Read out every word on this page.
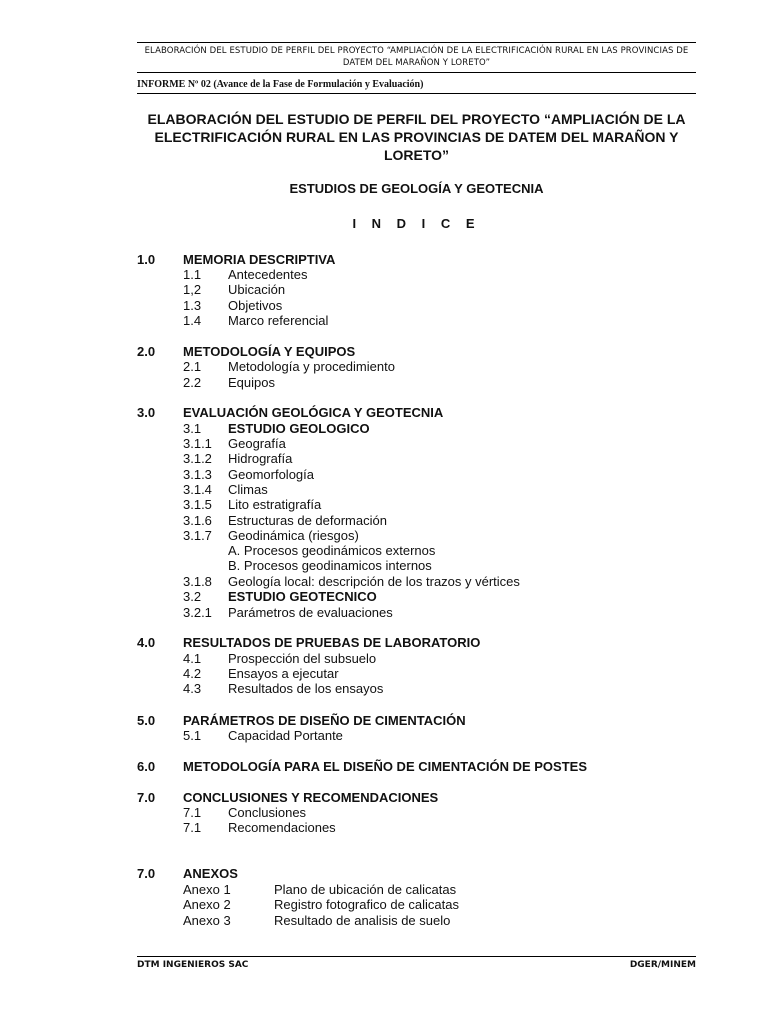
ELABORACIÓN DEL ESTUDIO DE PERFIL DEL PROYECTO “AMPLIACIÓN DE LA ELECTRIFICACIÓN RURAL EN LAS PROVINCIAS DE DATEM DEL MARAÑON Y LORETO”
INFORME Nº 02 (Avance de la Fase de Formulación y Evaluación)
ELABORACIÓN DEL ESTUDIO DE PERFIL DEL PROYECTO “AMPLIACIÓN DE LA ELECTRIFICACIÓN RURAL EN LAS PROVINCIAS DE DATEM DEL MARAÑON Y LORETO”
ESTUDIOS DE GEOLOGÍA Y GEOTECNIA
I N D I C E
1.0 MEMORIA DESCRIPTIVA
1.1 Antecedentes
1,2 Ubicación
1.3 Objetivos
1.4 Marco referencial
2.0 METODOLOGÍA Y EQUIPOS
2.1 Metodología y procedimiento
2.2 Equipos
3.0 EVALUACIÓN GEOLÓGICA Y GEOTECNIA
3.1 ESTUDIO GEOLOGICO
3.1.1 Geografía
3.1.2 Hidrografía
3.1.3 Geomorfología
3.1.4 Climas
3.1.5 Lito estratigrafía
3.1.6 Estructuras de deformación
3.1.7 Geodinámica (riesgos)
A. Procesos geodinámicos externos
B. Procesos geodinamicos internos
3.1.8 Geología local: descripción de los trazos y vértices
3.2 ESTUDIO GEOTECNICO
3.2.1 Parámetros de evaluaciones
4.0 RESULTADOS DE PRUEBAS DE LABORATORIO
4.1 Prospección del subsuelo
4.2 Ensayos a ejecutar
4.3 Resultados de los ensayos
5.0 PARÁMETROS DE DISEÑO DE CIMENTACIÓN
5.1 Capacidad Portante
6.0 METODOLOGÍA PARA EL DISEÑO DE CIMENTACIÓN DE POSTES
7.0 CONCLUSIONES Y RECOMENDACIONES
7.1 Conclusiones
7.1 Recomendaciones
7.0 ANEXOS
Anexo 1	Plano de ubicación de calicatas
Anexo 2	Registro fotografico de calicatas
Anexo 3	Resultado de analisis de suelo
DTM INGENIEROS SAC	DGER/MINEM
